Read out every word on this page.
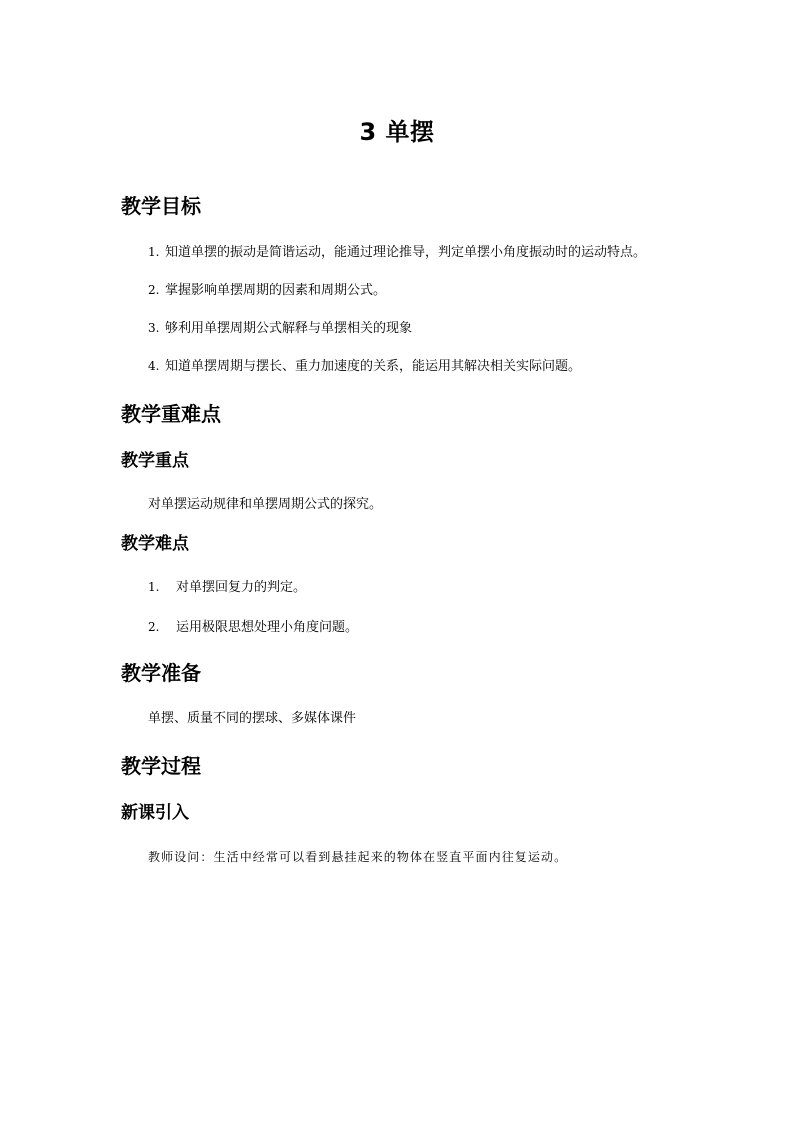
3 单摆
教学目标
1. 知道单摆的振动是简谐运动，能通过理论推导，判定单摆小角度振动时的运动特点。
2. 掌握影响单摆周期的因素和周期公式。
3. 够利用单摆周期公式解释与单摆相关的现象
4. 知道单摆周期与摆长、重力加速度的关系，能运用其解决相关实际问题。
教学重难点
教学重点
对单摆运动规律和单摆周期公式的探究。
教学难点
1. 对单摆回复力的判定。
2. 运用极限思想处理小角度问题。
教学准备
单摆、质量不同的摆球、多媒体课件
教学过程
新课引入
教师设问：生活中经常可以看到悬挂起来的物体在竖直平面内往复运动。
